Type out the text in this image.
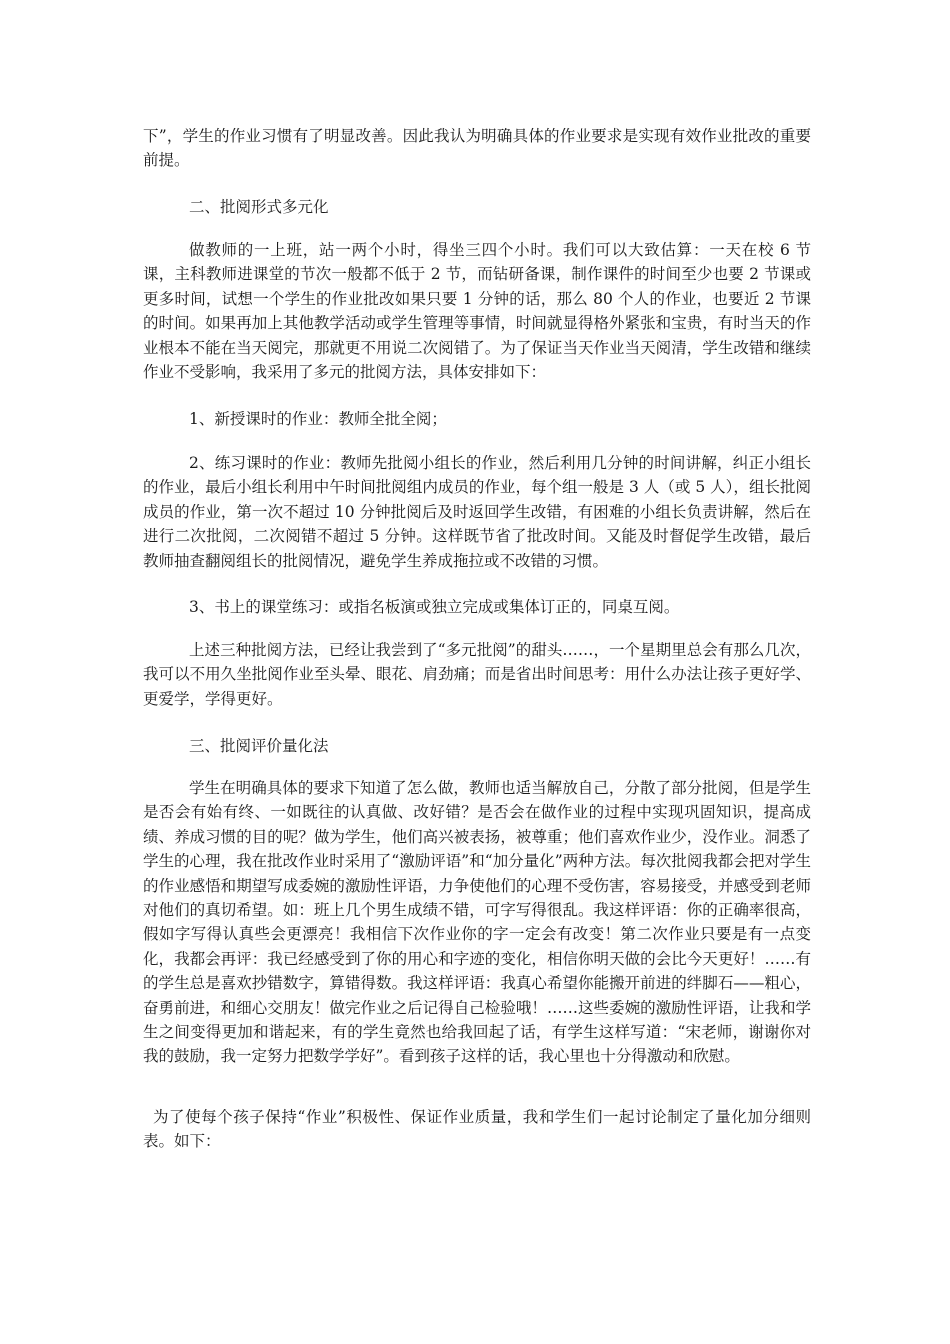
下”，学生的作业习惯有了明显改善。因此我认为明确具体的作业要求是实现有效作业批改的重要前提。

二、批阅形式多元化

做教师的一上班，站一两个小时，得坐三四个小时。我们可以大致估算：一天在校 6 节课，主科教师进课堂的节次一般都不低于 2 节，而钻研备课，制作课件的时间至少也要 2 节课或更多时间，试想一个学生的作业批改如果只要 1 分钟的话，那么 80 个人的作业，也要近 2 节课的时间。如果再加上其他教学活动或学生管理等事情，时间就显得格外紧张和宝贵，有时当天的作业根本不能在当天阅完，那就更不用说二次阅错了。为了保证当天作业当天阅清，学生改错和继续作业不受影响，我采用了多元的批阅方法，具体安排如下：

1、新授课时的作业：教师全批全阅；

2、练习课时的作业：教师先批阅小组长的作业，然后利用几分钟的时间讲解，纠正小组长的作业，最后小组长利用中午时间批阅组内成员的作业，每个组一般是 3 人（或 5 人），组长批阅成员的作业，第一次不超过 10 分钟批阅后及时返回学生改错，有困难的小组长负责讲解，然后在进行二次批阅，二次阅错不超过 5 分钟。这样既节省了批改时间。又能及时督促学生改错，最后教师抽查翻阅组长的批阅情况，避免学生养成拖拉或不改错的习惯。

3、书上的课堂练习：或指名板演或独立完成或集体订正的，同桌互阅。

上述三种批阅方法，已经让我尝到了“多元批阅”的甜头……，一个星期里总会有那么几次，我可以不用久坐批阅作业至头晕、眼花、肩劲痛；而是省出时间思考：用什么办法让孩子更好学、更爱学，学得更好。

三、批阅评价量化法

学生在明确具体的要求下知道了怎么做，教师也适当解放自己，分散了部分批阅，但是学生是否会有始有终、一如既往的认真做、改好错？是否会在做作业的过程中实现巩固知识，提高成绩、养成习惯的目的呢？做为学生，他们高兴被表扬，被尊重；他们喜欢作业少，没作业。洞悉了学生的心理，我在批改作业时采用了“激励评语”和“加分量化”两种方法。每次批阅我都会把对学生的作业感悟和期望写成委婉的激励性评语，力争使他们的心理不受伤害，容易接受，并感受到老师对他们的真切希望。如：班上几个男生成绩不错，可字写得很乱。我这样评语：你的正确率很高，假如字写得认真些会更漂亮！我相信下次作业你的字一定会有改变！第二次作业只要是有一点变化，我都会再评：我已经感受到了你的用心和字迹的变化，相信你明天做的会比今天更好！……有的学生总是喜欢抄错数字，算错得数。我这样评语：我真心希望你能搬开前进的绊脚石——粗心，奋勇前进，和细心交朋友！做完作业之后记得自己检验哦！……这些委婉的激励性评语，让我和学生之间变得更加和谐起来，有的学生竟然也给我回起了话，有学生这样写道：“宋老师，谢谢你对我的鼓励，我一定努力把数学学好”。看到孩子这样的话，我心里也十分得激动和欣慰。

为了使每个孩子保持“作业”积极性、保证作业质量，我和学生们一起讨论制定了量化加分细则表。如下：
